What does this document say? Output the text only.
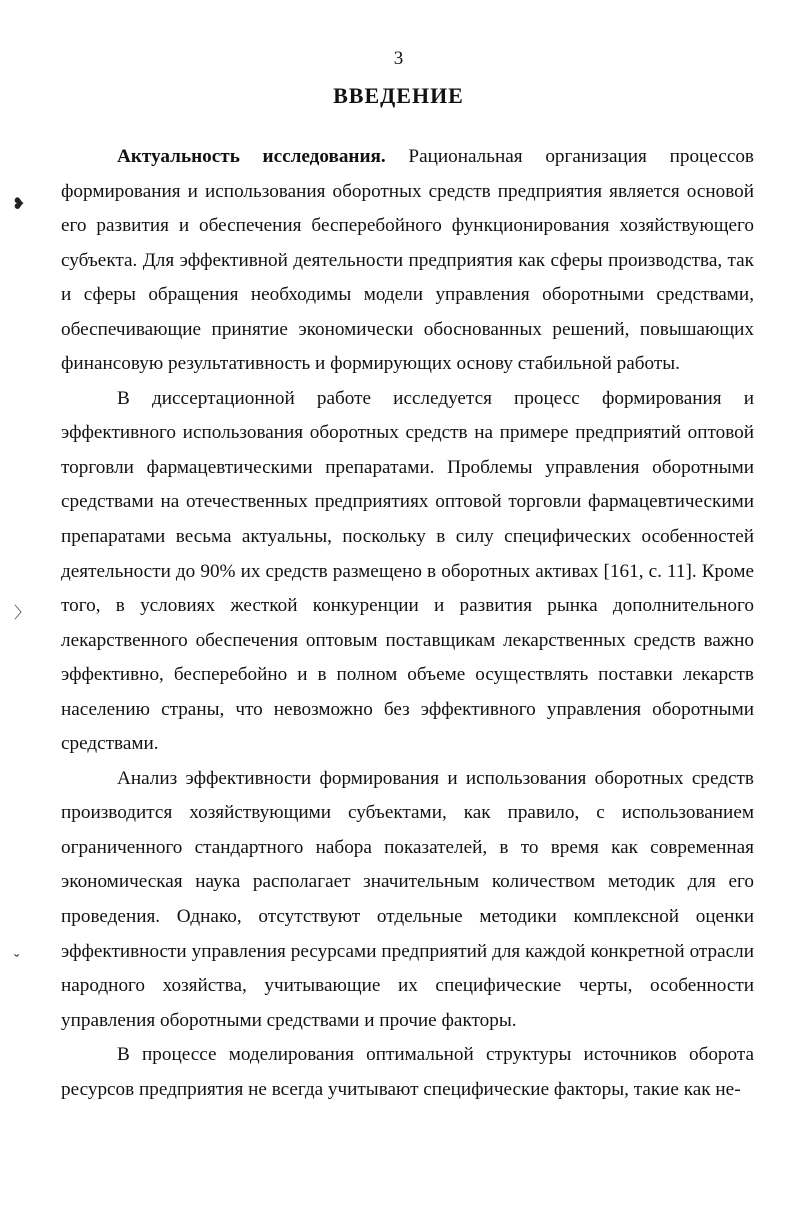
3
ВВЕДЕНИЕ
❥
〉
ˇ

Актуальность исследования. Рациональная организация процессов формирования и использования оборотных средств предприятия является основой его развития и обеспечения бесперебойного функционирования хозяйствующего субъекта. Для эффективной деятельности предприятия как сферы производства, так и сферы обращения необходимы модели управления оборотными средствами, обеспечивающие принятие экономически обоснованных решений, повышающих финансовую результативность и формирующих основу стабильной работы.

В диссертационной работе исследуется процесс формирования и эффективного использования оборотных средств на примере предприятий оптовой торговли фармацевтическими препаратами. Проблемы управления оборотными средствами на отечественных предприятиях оптовой торговли фармацевтическими препаратами весьма актуальны, поскольку в силу специфических особенностей деятельности до 90% их средств размещено в оборотных активах [161, с. 11]. Кроме того, в условиях жесткой конкуренции и развития рынка дополнительного лекарственного обеспечения оптовым поставщикам лекарственных средств важно эффективно, бесперебойно и в полном объеме осуществлять поставки лекарств населению страны, что невозможно без эффективного управления оборотными средствами.

Анализ эффективности формирования и использования оборотных средств производится хозяйствующими субъектами, как правило, с использованием ограниченного стандартного набора показателей, в то время как современная экономическая наука располагает значительным количеством методик для его проведения. Однако, отсутствуют отдельные методики комплексной оценки эффективности управления ресурсами предприятий для каждой конкретной отрасли народного хозяйства, учитывающие их специфические черты, особенности управления оборотными средствами и прочие факторы.

В процессе моделирования оптимальной структуры источников оборота ресурсов предприятия не всегда учитывают специфические факторы, такие как не-
